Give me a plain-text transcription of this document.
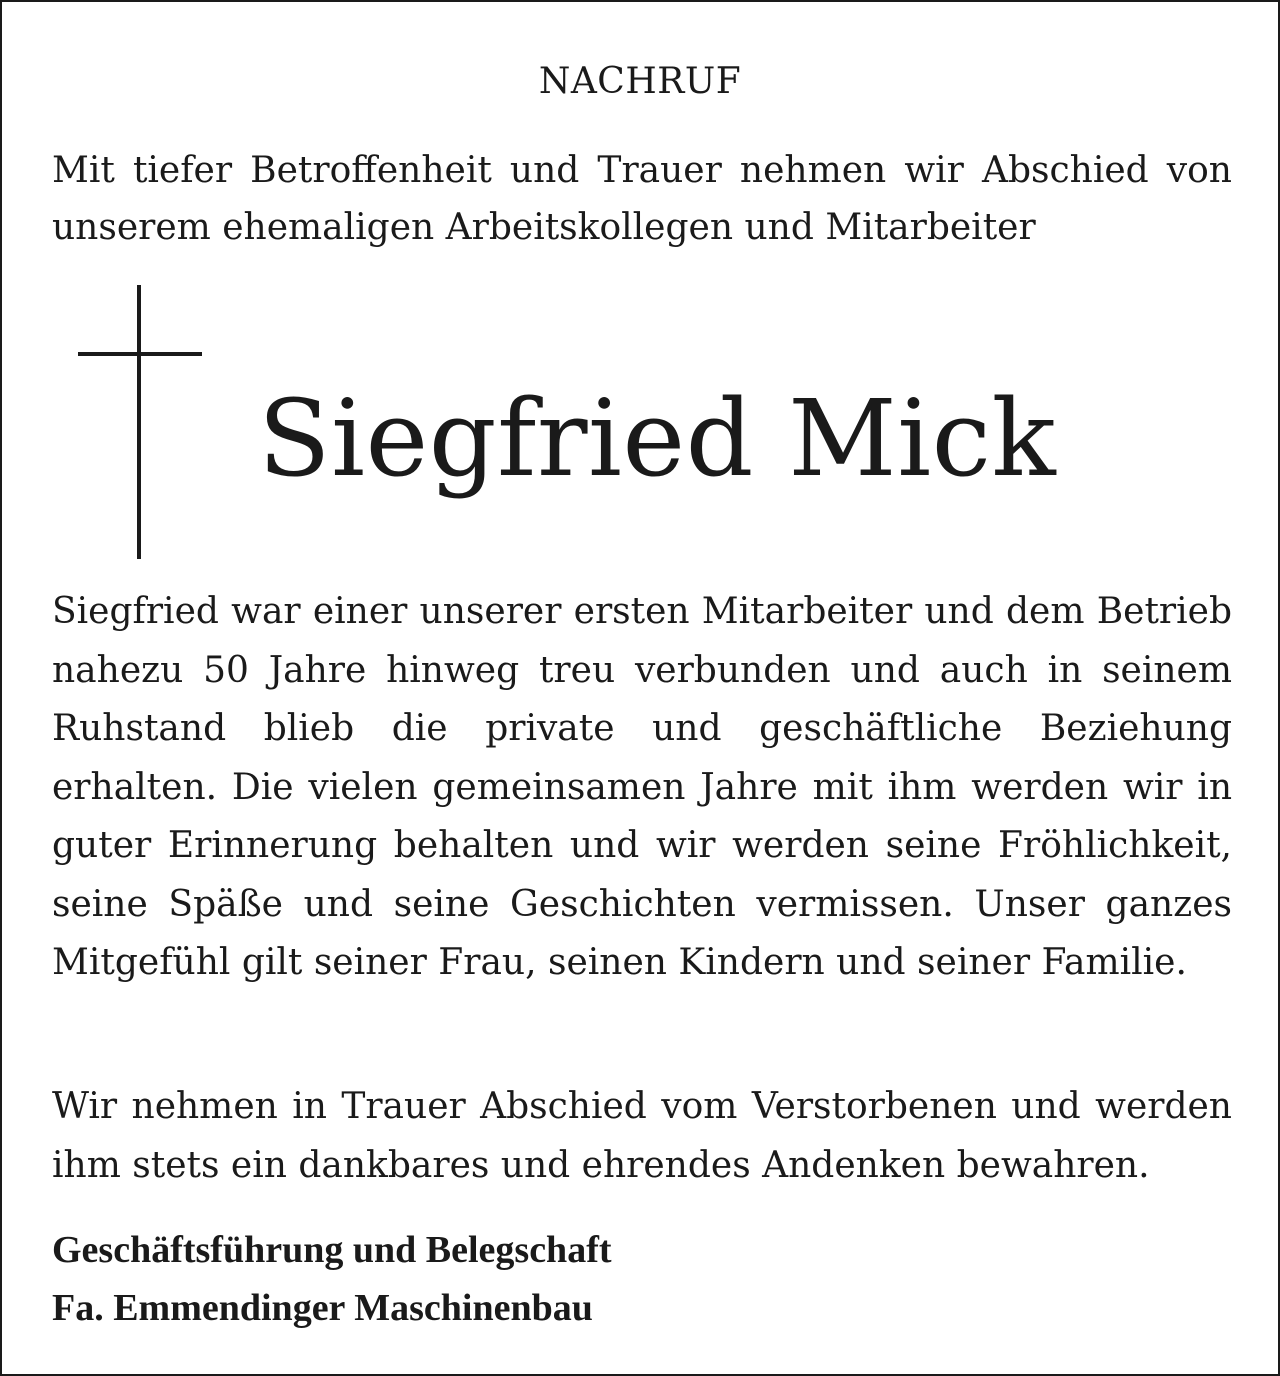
NACHRUF

Mit tiefer Betroffenheit und Trauer nehmen wir Abschied von unserem ehemaligen Arbeitskollegen und Mitarbeiter

Siegfried Mick

Siegfried war einer unserer ersten Mitarbeiter und dem Betrieb nahezu 50 Jahre hinweg treu verbunden und auch in seinem Ruhstand blieb die private und geschäftliche Beziehung erhalten. Die vielen gemeinsamen Jahre mit ihm werden wir in guter Erinnerung behalten und wir werden seine Fröhlichkeit, seine Späße und seine Geschichten vermissen. Unser ganzes Mitgefühl gilt seiner Frau, seinen Kindern und seiner Familie.

Wir nehmen in Trauer Abschied vom Verstorbenen und werden ihm stets ein dankbares und ehrendes Andenken bewahren.

Geschäftsführung und Belegschaft
Fa. Emmendinger Maschinenbau
